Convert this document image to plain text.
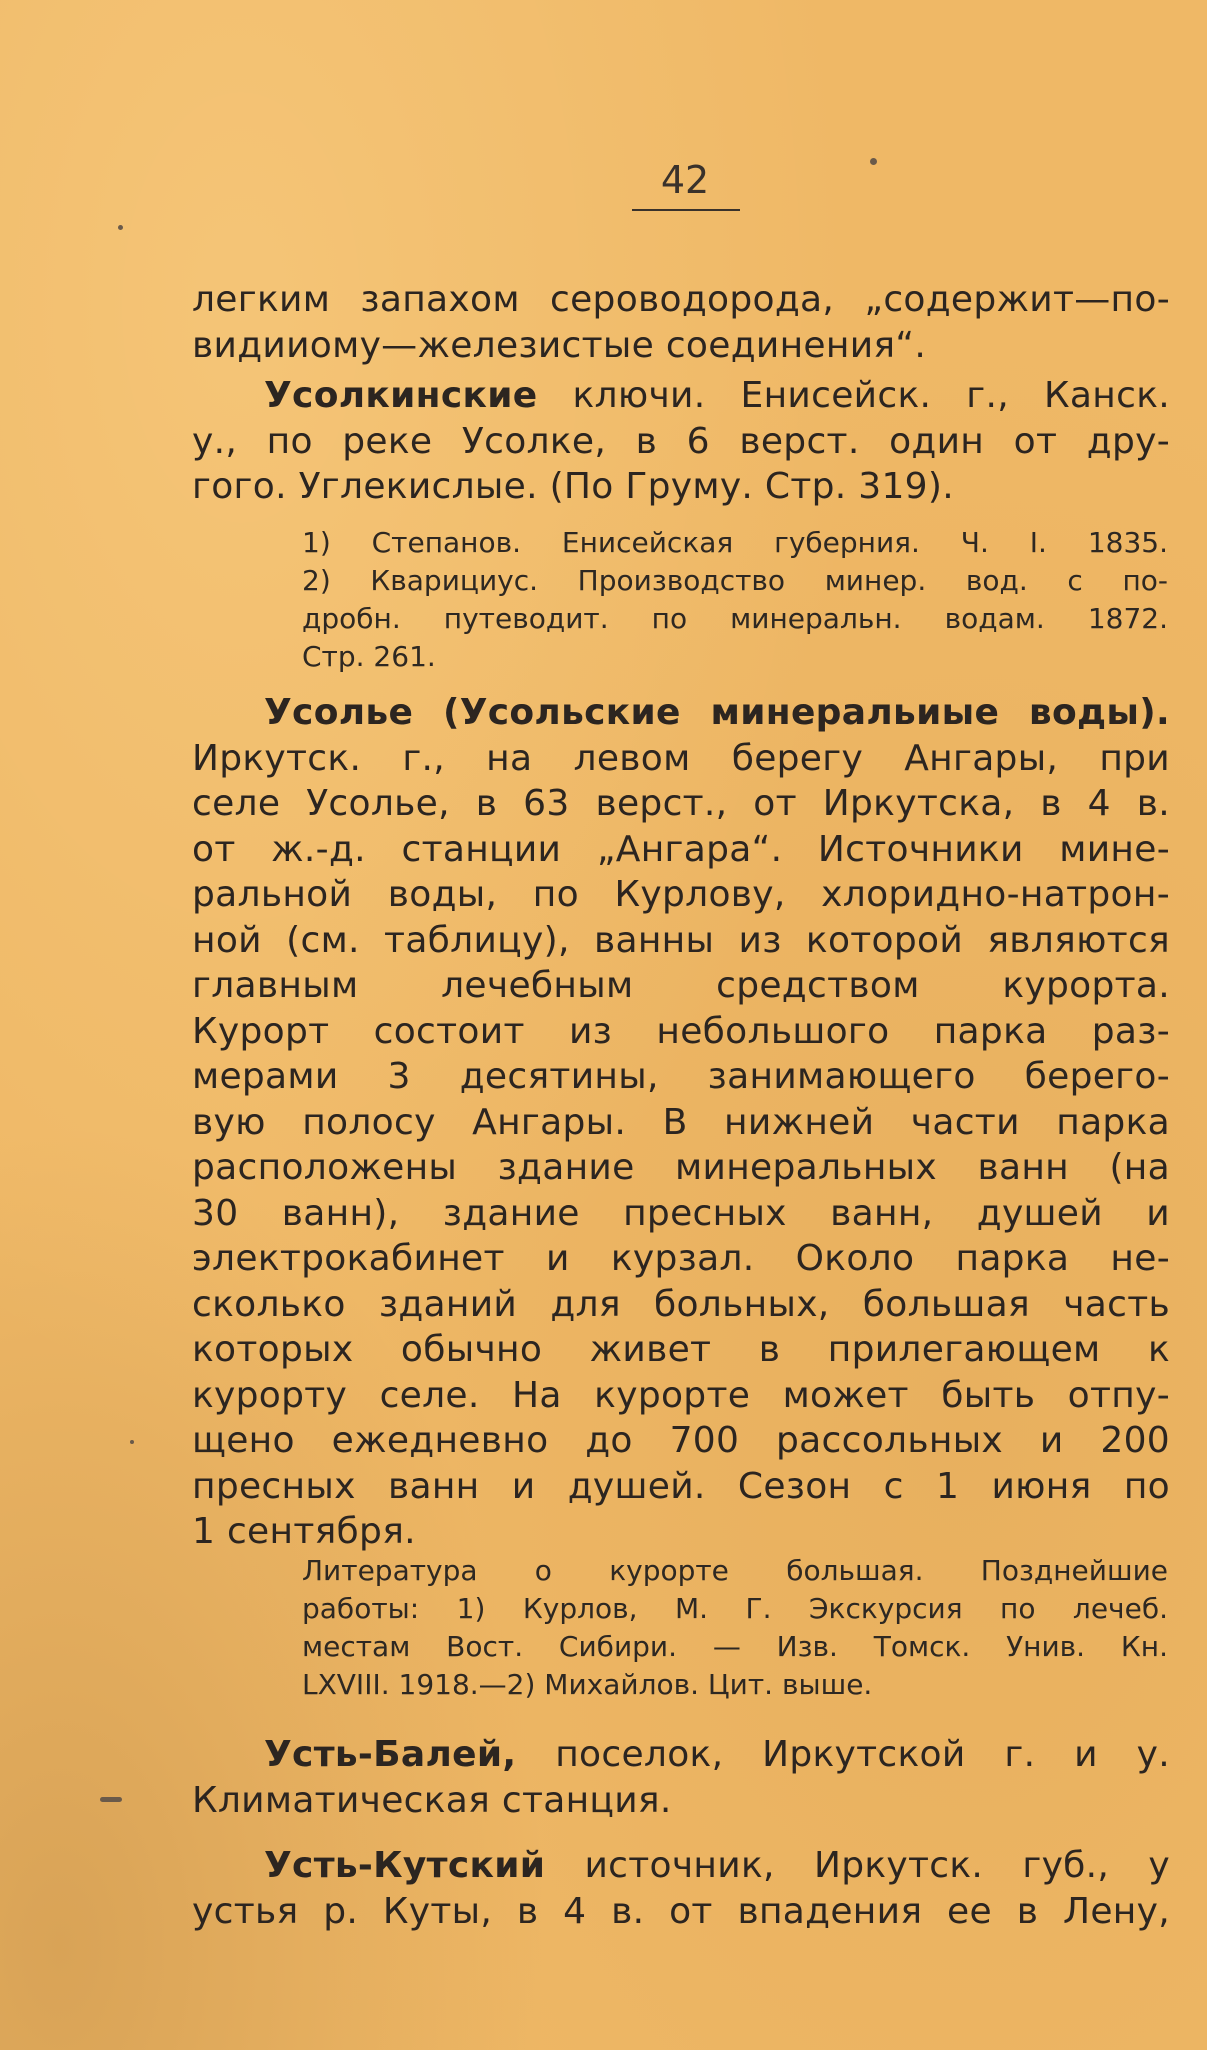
42
легким запахом сероводорода, „содержит—по-
видииому—железистые соединения“.
Усолкинские ключи. Енисейск. г., Канск.
у., по реке Усолке, в 6 верст. один от дру-
гого. Углекислые. (По Груму. Стр. 319).
1) Степанов. Енисейская губерния. Ч. I. 1835.
2) Кварициус. Производство минер. вод. с по-
дробн. путеводит. по минеральн. водам. 1872.
Стр. 261.
Усолье (Усольские минеральиые воды).
Иркутск. г., на левом берегу Ангары, при
селе Усолье, в 63 верст., от Иркутска, в 4 в.
от ж.-д. станции „Ангара“. Источники мине-
ральной воды, по Курлову, хлоридно-натрон-
ной (см. таблицу), ванны из которой являются
главным лечебным средством курорта.
Курорт состоит из небольшого парка раз-
мерами 3 десятины, занимающего берего-
вую полосу Ангары. В нижней части парка
расположены здание минеральных ванн (на
30 ванн), здание пресных ванн, душей и
электрокабинет и курзал. Около парка не-
сколько зданий для больных, большая часть
которых обычно живет в прилегающем к
курорту селе. На курорте может быть отпу-
щено ежедневно до 700 рассольных и 200
пресных ванн и душей. Сезон с 1 июня по
1 сентября.
Литература о курорте большая. Позднейшие
работы: 1) Курлов, М. Г. Экскурсия по лечеб.
местам Вост. Сибири. — Изв. Томск. Унив. Кн.
LXVIII. 1918.—2) Михайлов. Цит. выше.
Усть-Балей, поселок, Иркутской г. и у.
Климатическая станция.
Усть-Кутский источник, Иркутск. губ., у
устья р. Куты, в 4 в. от впадения ее в Лену,
